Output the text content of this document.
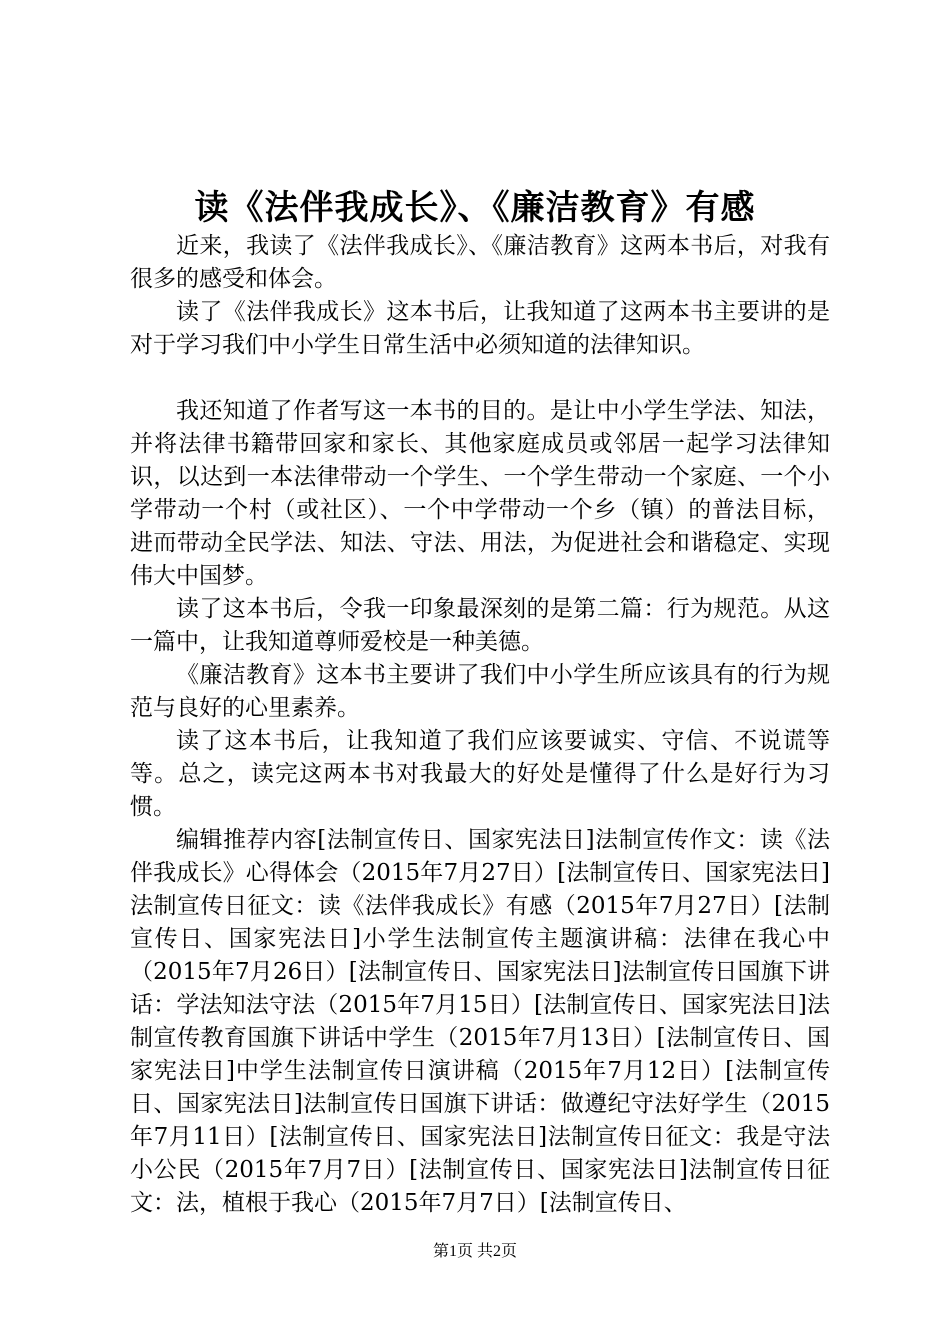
读《法伴我成长》、《廉洁教育》有感

近来，我读了《法伴我成长》、《廉洁教育》这两本书后，对我有很多的感受和体会。

读了《法伴我成长》这本书后，让我知道了这两本书主要讲的是对于学习我们中小学生日常生活中必须知道的法律知识。

我还知道了作者写这一本书的目的。是让中小学生学法、知法，并将法律书籍带回家和家长、其他家庭成员或邻居一起学习法律知识，以达到一本法律带动一个学生、一个学生带动一个家庭、一个小学带动一个村（或社区）、一个中学带动一个乡（镇）的普法目标，进而带动全民学法、知法、守法、用法，为促进社会和谐稳定、实现伟大中国梦。

读了这本书后，令我一印象最深刻的是第二篇：行为规范。从这一篇中，让我知道尊师爱校是一种美德。

《廉洁教育》这本书主要讲了我们中小学生所应该具有的行为规范与良好的心里素养。

读了这本书后，让我知道了我们应该要诚实、守信、不说谎等等。总之，读完这两本书对我最大的好处是懂得了什么是好行为习惯。

编辑推荐内容[法制宣传日、国家宪法日]法制宣传作文：读《法伴我成长》心得体会（2015年7月27日）[法制宣传日、国家宪法日]法制宣传日征文：读《法伴我成长》有感（2015年7月27日）[法制宣传日、国家宪法日]小学生法制宣传主题演讲稿：法律在我心中（2015年7月26日）[法制宣传日、国家宪法日]法制宣传日国旗下讲话：学法知法守法（2015年7月15日）[法制宣传日、国家宪法日]法制宣传教育国旗下讲话中学生（2015年7月13日）[法制宣传日、国家宪法日]中学生法制宣传日演讲稿（2015年7月12日）[法制宣传日、国家宪法日]法制宣传日国旗下讲话：做遵纪守法好学生（2015年7月11日）[法制宣传日、国家宪法日]法制宣传日征文：我是守法小公民（2015年7月7日）[法制宣传日、国家宪法日]法制宣传日征文：法，植根于我心（2015年7月7日）[法制宣传日、

第1页 共2页
